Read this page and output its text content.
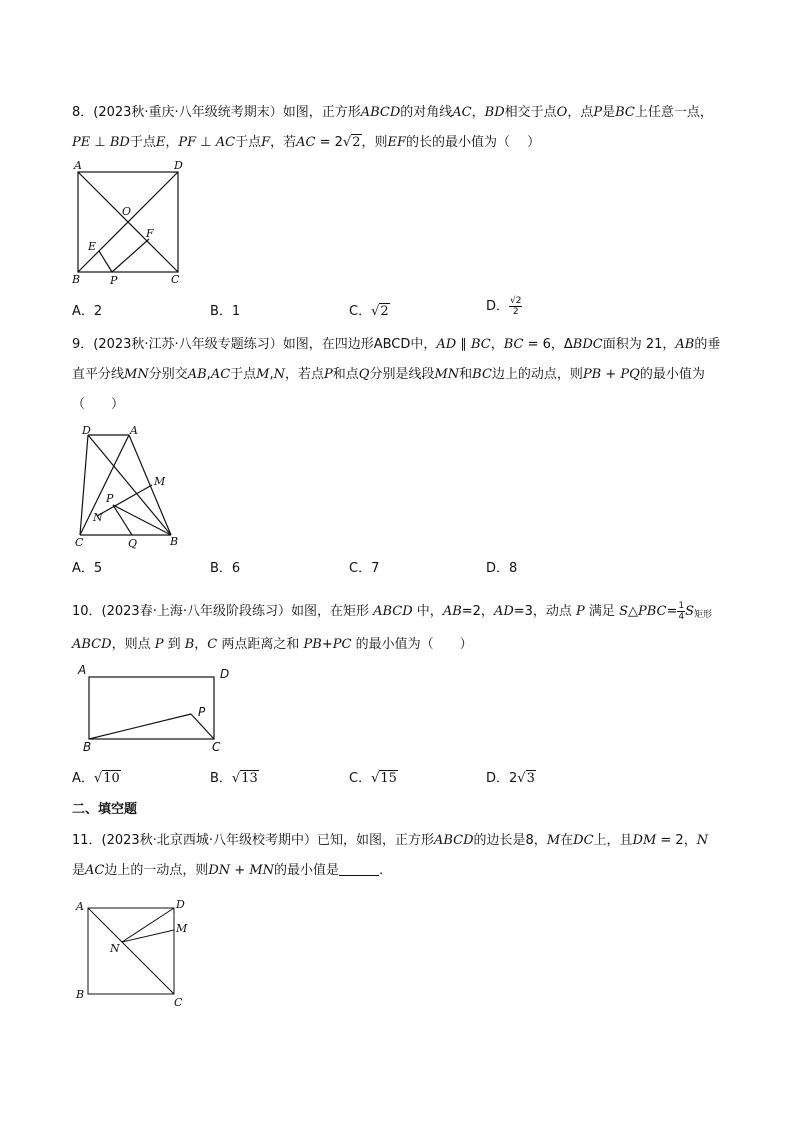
8．(2023秋·重庆·八年级统考期末）如图，正方形ABCD的对角线AC，BD相交于点O，点P是BC上任意一点，
PE ⊥ BD于点E，PF ⊥ AC于点F，若AC = 2√2，则EF的长的最小值为（　 ）
A	D
O
E
F
B	P	C
A．2	B．1	C．√2	D． $\frac{√2}{2}$
9．(2023秋·江苏·八年级专题练习）如图，在四边形ABCD中，AD ∥ BC，BC = 6，ΔBDC面积为 21，AB的垂
直平分线MN分别交AB,AC于点M,N，若点P和点Q分别是线段MN和BC边上的动点，则PB + PQ的最小值为
（　　）
D	A
M
P
N
C	Q	B
A．5	B．6	C．7	D．8
10．(2023春·上海·八年级阶段练习）如图，在矩形 ABCD 中，AB=2，AD=3，动点 P 满足 S△PBC= $\frac{1}{4} S_{矩形}$
ABCD，则点 P 到 B，C 两点距离之和 PB+PC 的最小值为（　　）
A	D
P
B	C
A．√10	B．√13	C．√15	D．2√3
二、填空题
11．(2023秋·北京西城·八年级校考期中）已知，如图，正方形ABCD的边长是8，M在DC上，且DM = 2，N
是AC边上的一动点，则DN + MN的最小值是	．
A	D
M
N
B
C
